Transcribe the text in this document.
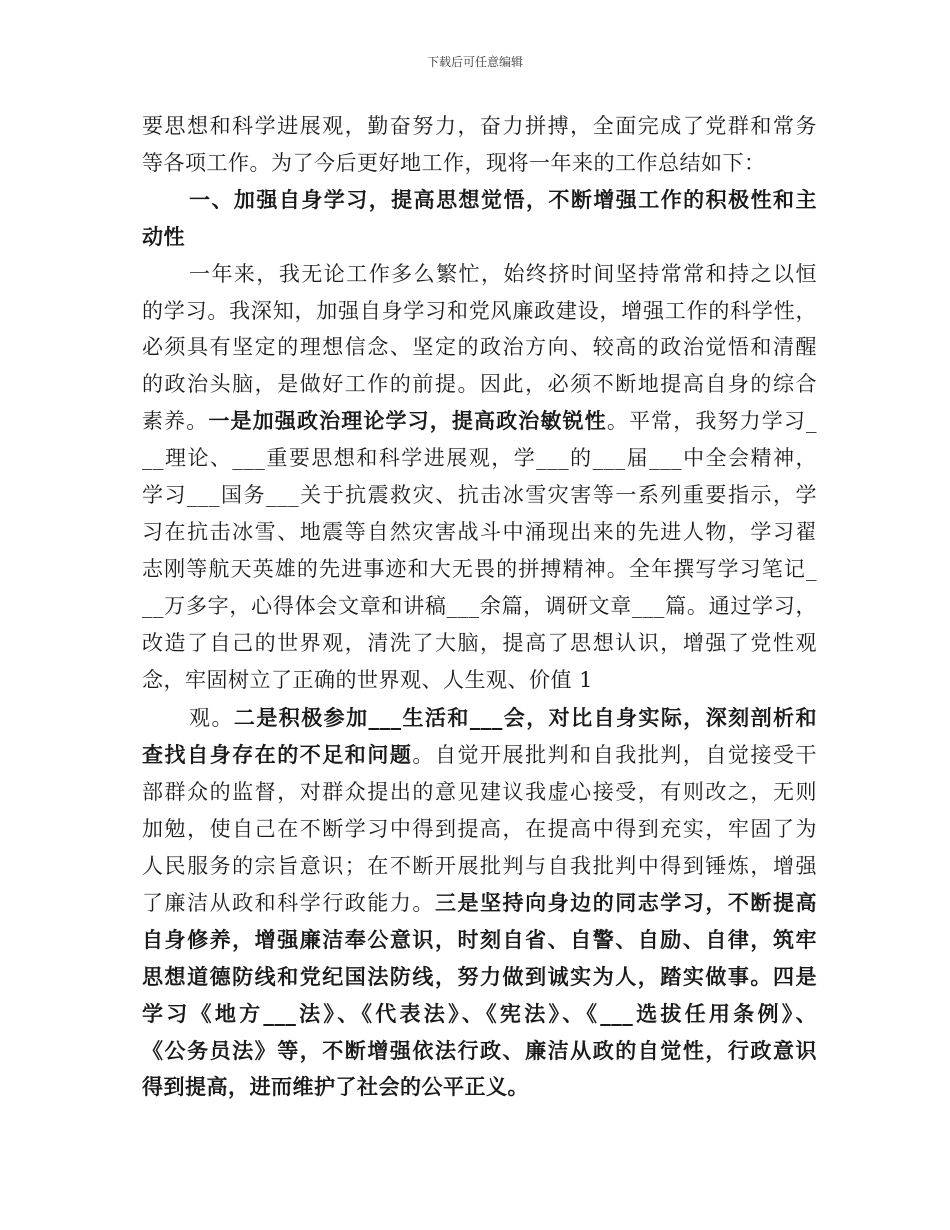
下载后可任意编辑
要思想和科学进展观，勤奋努力，奋力拼搏，全面完成了党群和常务
等各项工作。为了今后更好地工作，现将一年来的工作总结如下：
一、加强自身学习，提高思想觉悟，不断增强工作的积极性和主
动性
一年来，我无论工作多么繁忙，始终挤时间坚持常常和持之以恒
的学习。我深知，加强自身学习和党风廉政建设，增强工作的科学性，
必须具有坚定的理想信念、坚定的政治方向、较高的政治觉悟和清醒
的政治头脑，是做好工作的前提。因此，必须不断地提高自身的综合
素养。一是加强政治理论学习，提高政治敏锐性。平常，我努力学习_
__理论、___重要思想和科学进展观，学___的___届___中全会精神，
学习___国务___关于抗震救灾、抗击冰雪灾害等一系列重要指示，学
习在抗击冰雪、地震等自然灾害战斗中涌现出来的先进人物，学习翟
志刚等航天英雄的先进事迹和大无畏的拼搏精神。全年撰写学习笔记_
__万多字，心得体会文章和讲稿___余篇，调研文章___篇。通过学习，
改造了自己的世界观，清洗了大脑，提高了思想认识，增强了党性观
念，牢固树立了正确的世界观、人生观、价值 1
观。二是积极参加___生活和___会，对比自身实际，深刻剖析和
查找自身存在的不足和问题。自觉开展批判和自我批判，自觉接受干
部群众的监督，对群众提出的意见建议我虚心接受，有则改之，无则
加勉，使自己在不断学习中得到提高，在提高中得到充实，牢固了为
人民服务的宗旨意识；在不断开展批判与自我批判中得到锤炼，增强
了廉洁从政和科学行政能力。三是坚持向身边的同志学习，不断提高
自身修养，增强廉洁奉公意识，时刻自省、自警、自励、自律，筑牢
思想道德防线和党纪国法防线，努力做到诚实为人，踏实做事。四是
学习《地方___法》、《代表法》、《宪法》、《___选拔任用条例》、
《公务员法》等，不断增强依法行政、廉洁从政的自觉性，行政意识
得到提高，进而维护了社会的公平正义。
